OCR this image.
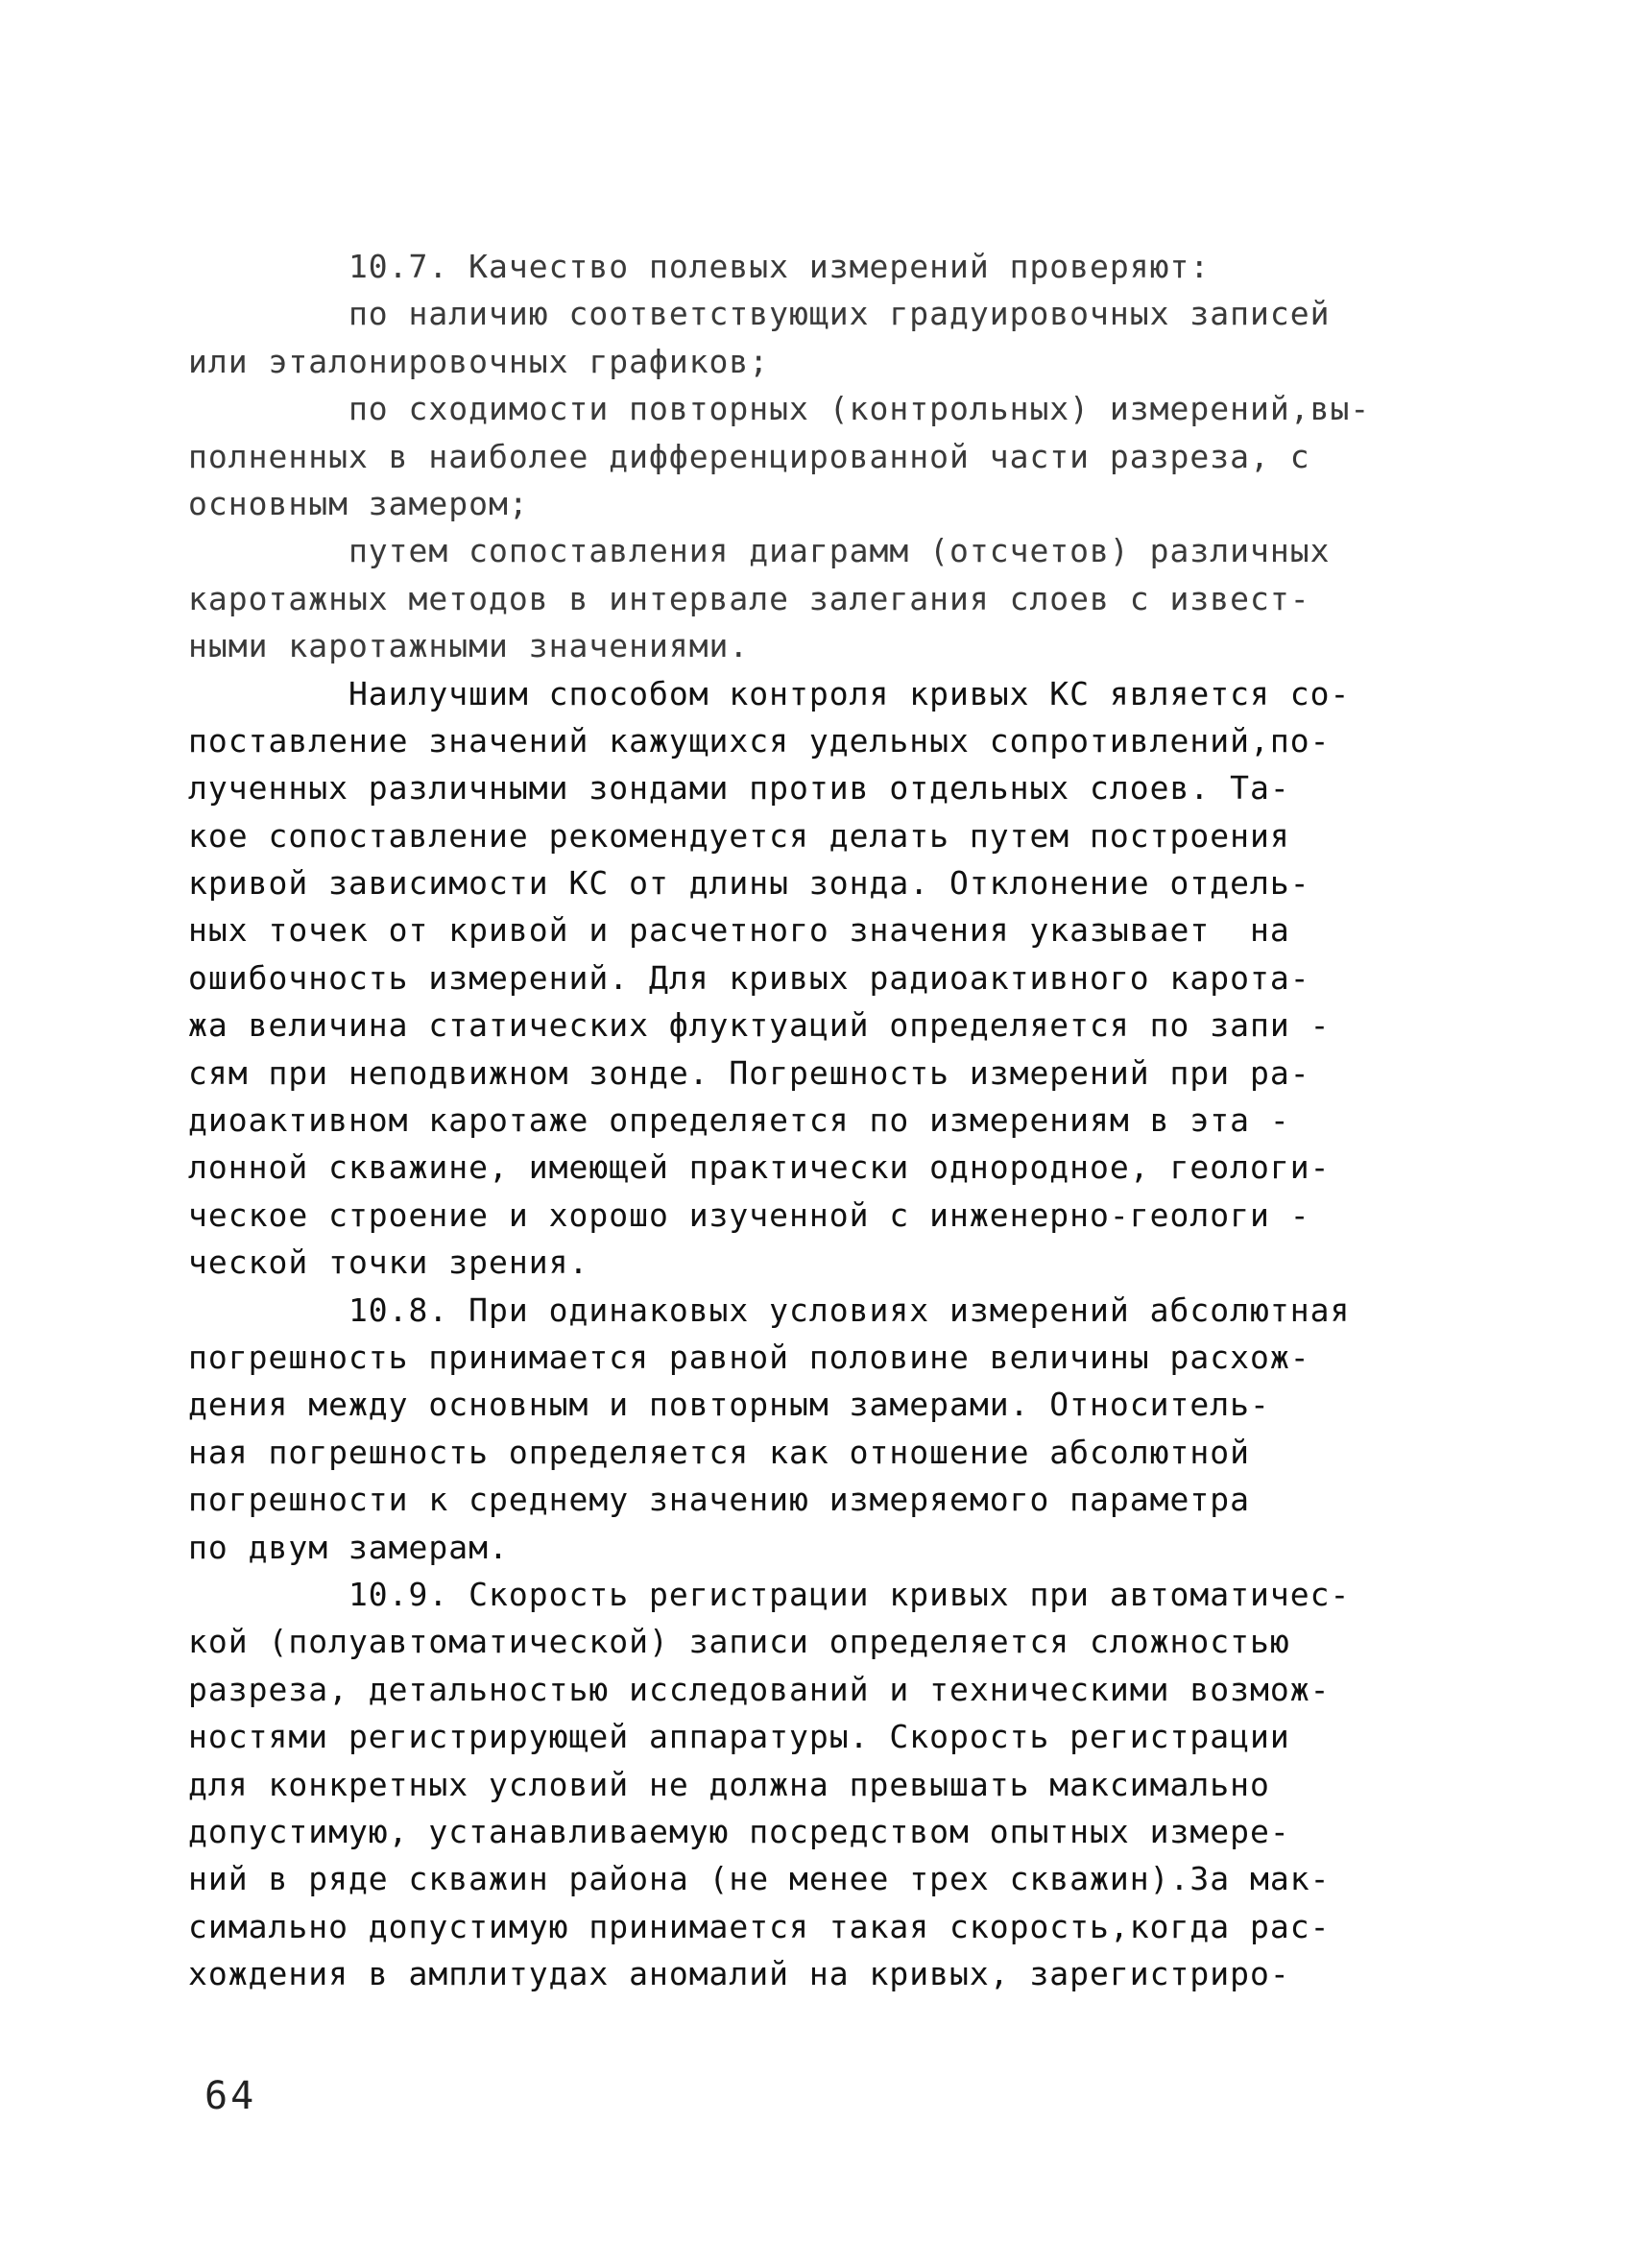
10.7. Качество полевых измерений проверяют:
по наличию соответствующих градуировочных записей
или эталонировочных графиков;
по сходимости повторных (контрольных) измерений,вы-
полненных в наиболее дифференцированной части разреза, с
основным замером;
путем сопоставления диаграмм (отсчетов) различных
каротажных методов в интервале залегания слоев с извест-
ными каротажными значениями.
Наилучшим способом контроля кривых КС является со-
поставление значений кажущихся удельных сопротивлений,по-
лученных различными зондами против отдельных слоев. Та-
кое сопоставление рекомендуется делать путем построения
кривой зависимости КС от длины зонда. Отклонение отдель-
ных точек от кривой и расчетного значения указывает  на
ошибочность измерений. Для кривых радиоактивного карота-
жа величина статических флуктуаций определяется по запи -
сям при неподвижном зонде. Погрешность измерений при ра-
диоактивном каротаже определяется по измерениям в эта -
лонной скважине, имеющей практически однородное, геологи-
ческое строение и хорошо изученной с инженерно-геологи -
ческой точки зрения.
10.8. При одинаковых условиях измерений абсолютная
погрешность принимается равной половине величины расхож-
дения между основным и повторным замерами. Относитель-
ная погрешность определяется как отношение абсолютной
погрешности к среднему значению измеряемого параметра
по двум замерам.
10.9. Скорость регистрации кривых при автоматичес-
кой (полуавтоматической) записи определяется сложностью
разреза, детальностью исследований и техническими возмож-
ностями регистрирующей аппаратуры. Скорость регистрации
для конкретных условий не должна превышать максимально
допустимую, устанавливаемую посредством опытных измере-
ний в ряде скважин района (не менее трех скважин).За мак-
симально допустимую принимается такая скорость,когда рас-
хождения в амплитудах аномалий на кривых, зарегистриро-
64
